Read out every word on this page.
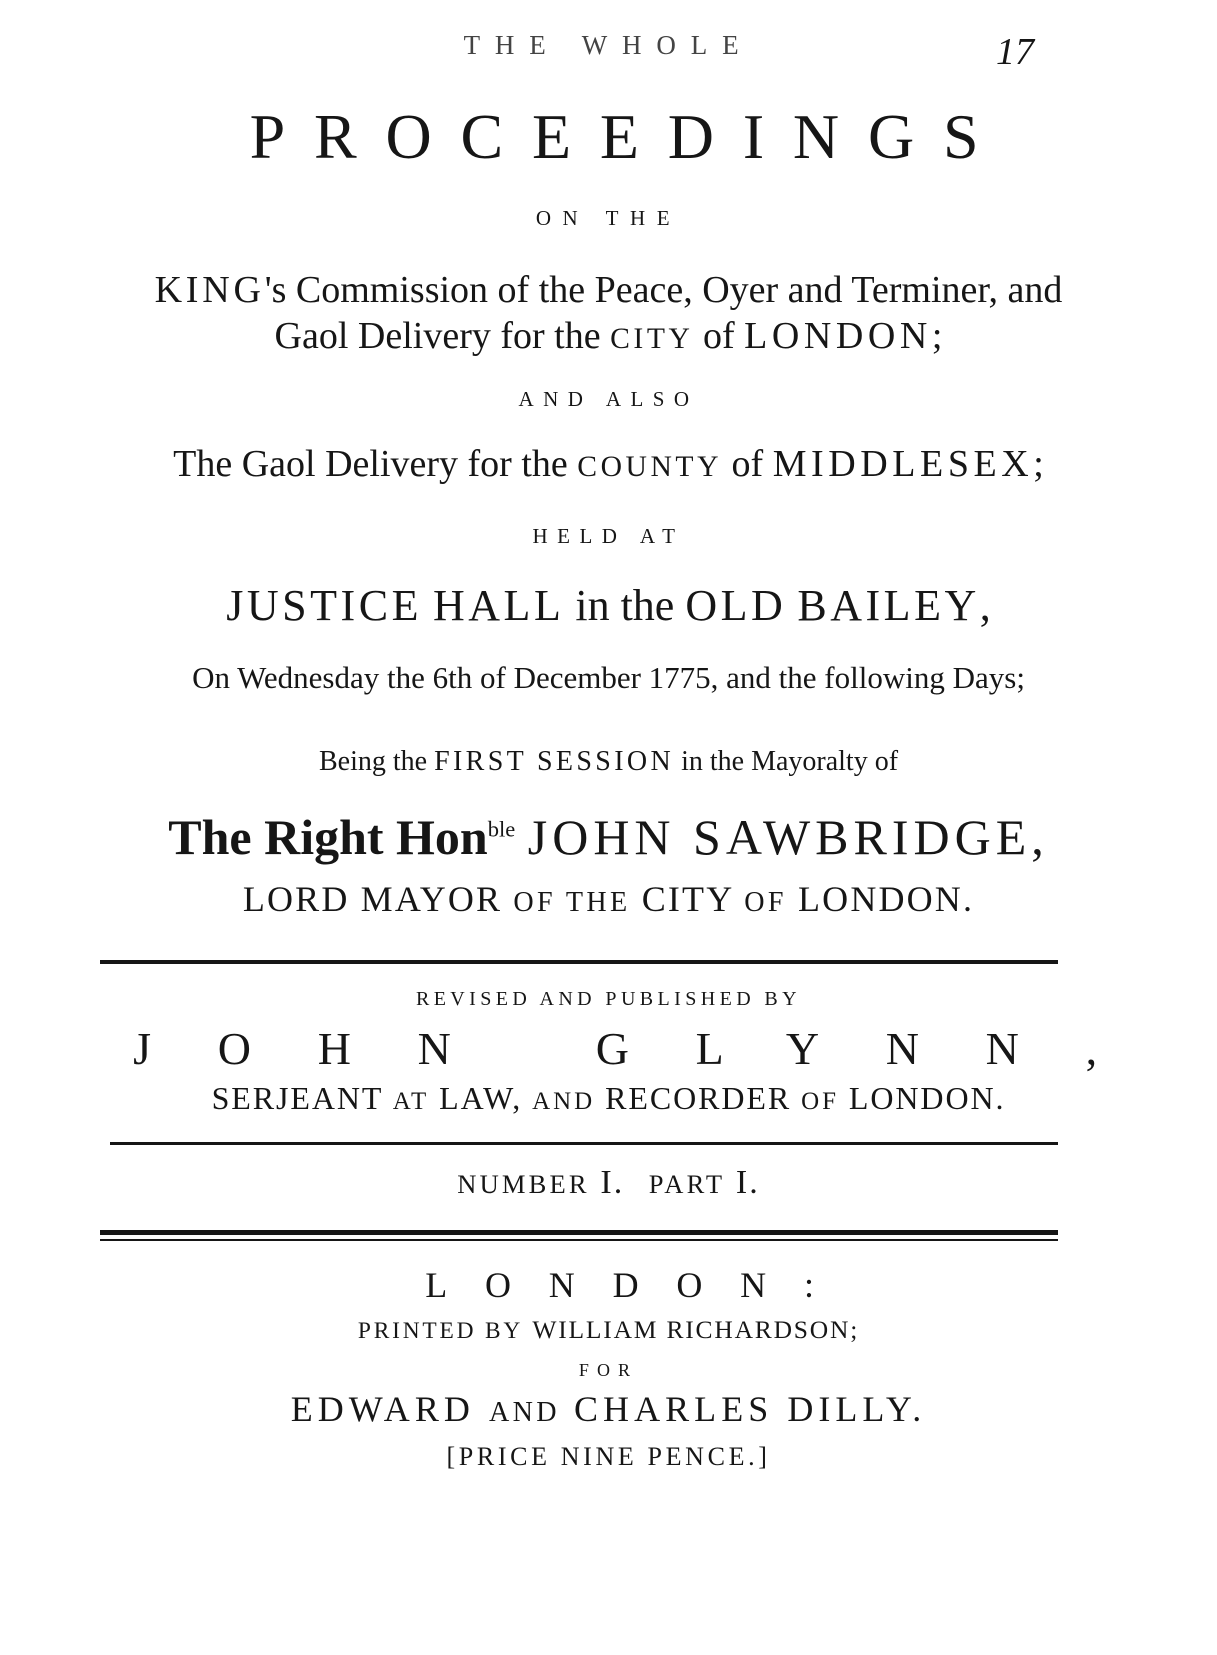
17
THE WHOLE
PROCEEDINGS
ON THE
KING's Commission of the Peace, Oyer and Terminer, and
Gaol Delivery for the CITY of LONDON;
AND ALSO
The Gaol Delivery for the COUNTY of MIDDLESEX;
HELD AT
JUSTICE HALL in the OLD BAILEY,
On Wednesday the 6th of December 1775, and the following Days;
Being the FIRST SESSION in the Mayoralty of
The Right Hon$^{ble}$ JOHN SAWBRIDGE,
LORD MAYOR OF THE CITY OF LONDON.
REVISED AND PUBLISHED BY
JOHN GLYNN,
SERJEANT AT LAW, AND RECORDER OF LONDON.
NUMBER I. PART I.
LONDON:
PRINTED BY WILLIAM RICHARDSON;
FOR
EDWARD AND CHARLES DILLY.
[PRICE NINE PENCE.]
